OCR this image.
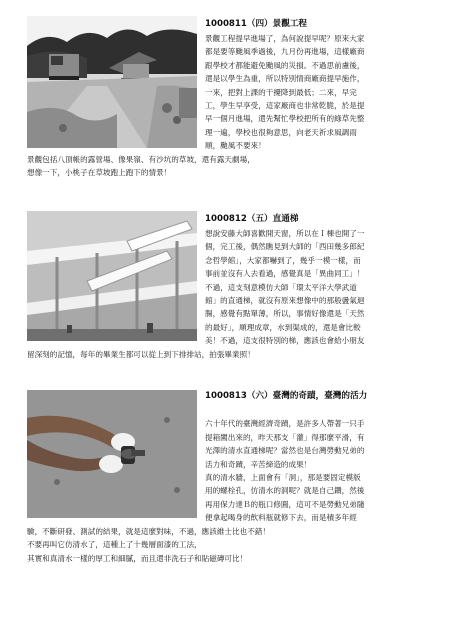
1000811（四）景觀工程
景觀工程提早進場了，為何說提早呢？原來大家
都是要等颱風季過後，九月份再進場，這樣廠商
跟學校才都能避免颱風的災損。不過思前慮後，
還是以學生為重，所以特別情商廠商提早施作，
一來，把對上課的干擾降到最低；二來，早完
工，學生早享受，這家廠商也非常乾脆，於是提
早一個月進場，還先幫忙學校把所有的綠草先整
理一遍，學校也很夠意思，向老天祈求風調雨
順，颱風不要來！
景觀包括八頂帳的露營場、像果嶺、有沙坑的草坡，還有露天劇場，
想像一下，小桃子在草坡跑上跑下的情景！
1000812（五）直通梯
想說安藤大師喜歡開天窗，所以在Ｉ棟也開了一
個，完工後，偶然瞧見到大師的「西田幾多郎紀
念哲學館」，大家都嚇到了，幾乎一模一樣，而
事前並沒有人去看過，感覺真是「異曲同工」！
不過，這支刻意模仿大師「環太平洋大學武道
館」的直通梯，就沒有原來想像中的那般盪氣迴
腸，感覺有點單薄，所以，事情好像還是「天然
的最好」，順理成章，水到渠成的，還是會比較
美！不過，這支很特別的梯，應該也會給小朋友
留深刻的記憶，每年的畢業生都可以從上到下排排站，拍張畢業照！
1000813（六）臺灣的奇蹟，臺灣的活力
六十年代的臺灣經濟奇蹟，是許多人帶著一只手
提箱闖出來的，昨天那支「灌」得那麼平滑，有
光澤的清水直通梯呢？當然也是台灣勞動兄弟的
活力和奇蹟，辛苦締造的成果！
真的清水牆，上面會有「洞」，那是要固定模版
用的螺栓孔，仿清水的洞呢？就是自己鑽，然後
再用保力達Ｂ的瓶口修圓，這可不是勞動兄弟隨
便拿起喝身的飲料瓶就修下去，而是積多年經
驗，不斷研發、測試的結果，就是這麼對味，不過，應該維士比也不錯！
不要再叫它仿清水了，這種上了十幾層面漆的工法，
其實和真清水一樣的厚工和細膩，而且還非洗石子和貼磁磚可比！
